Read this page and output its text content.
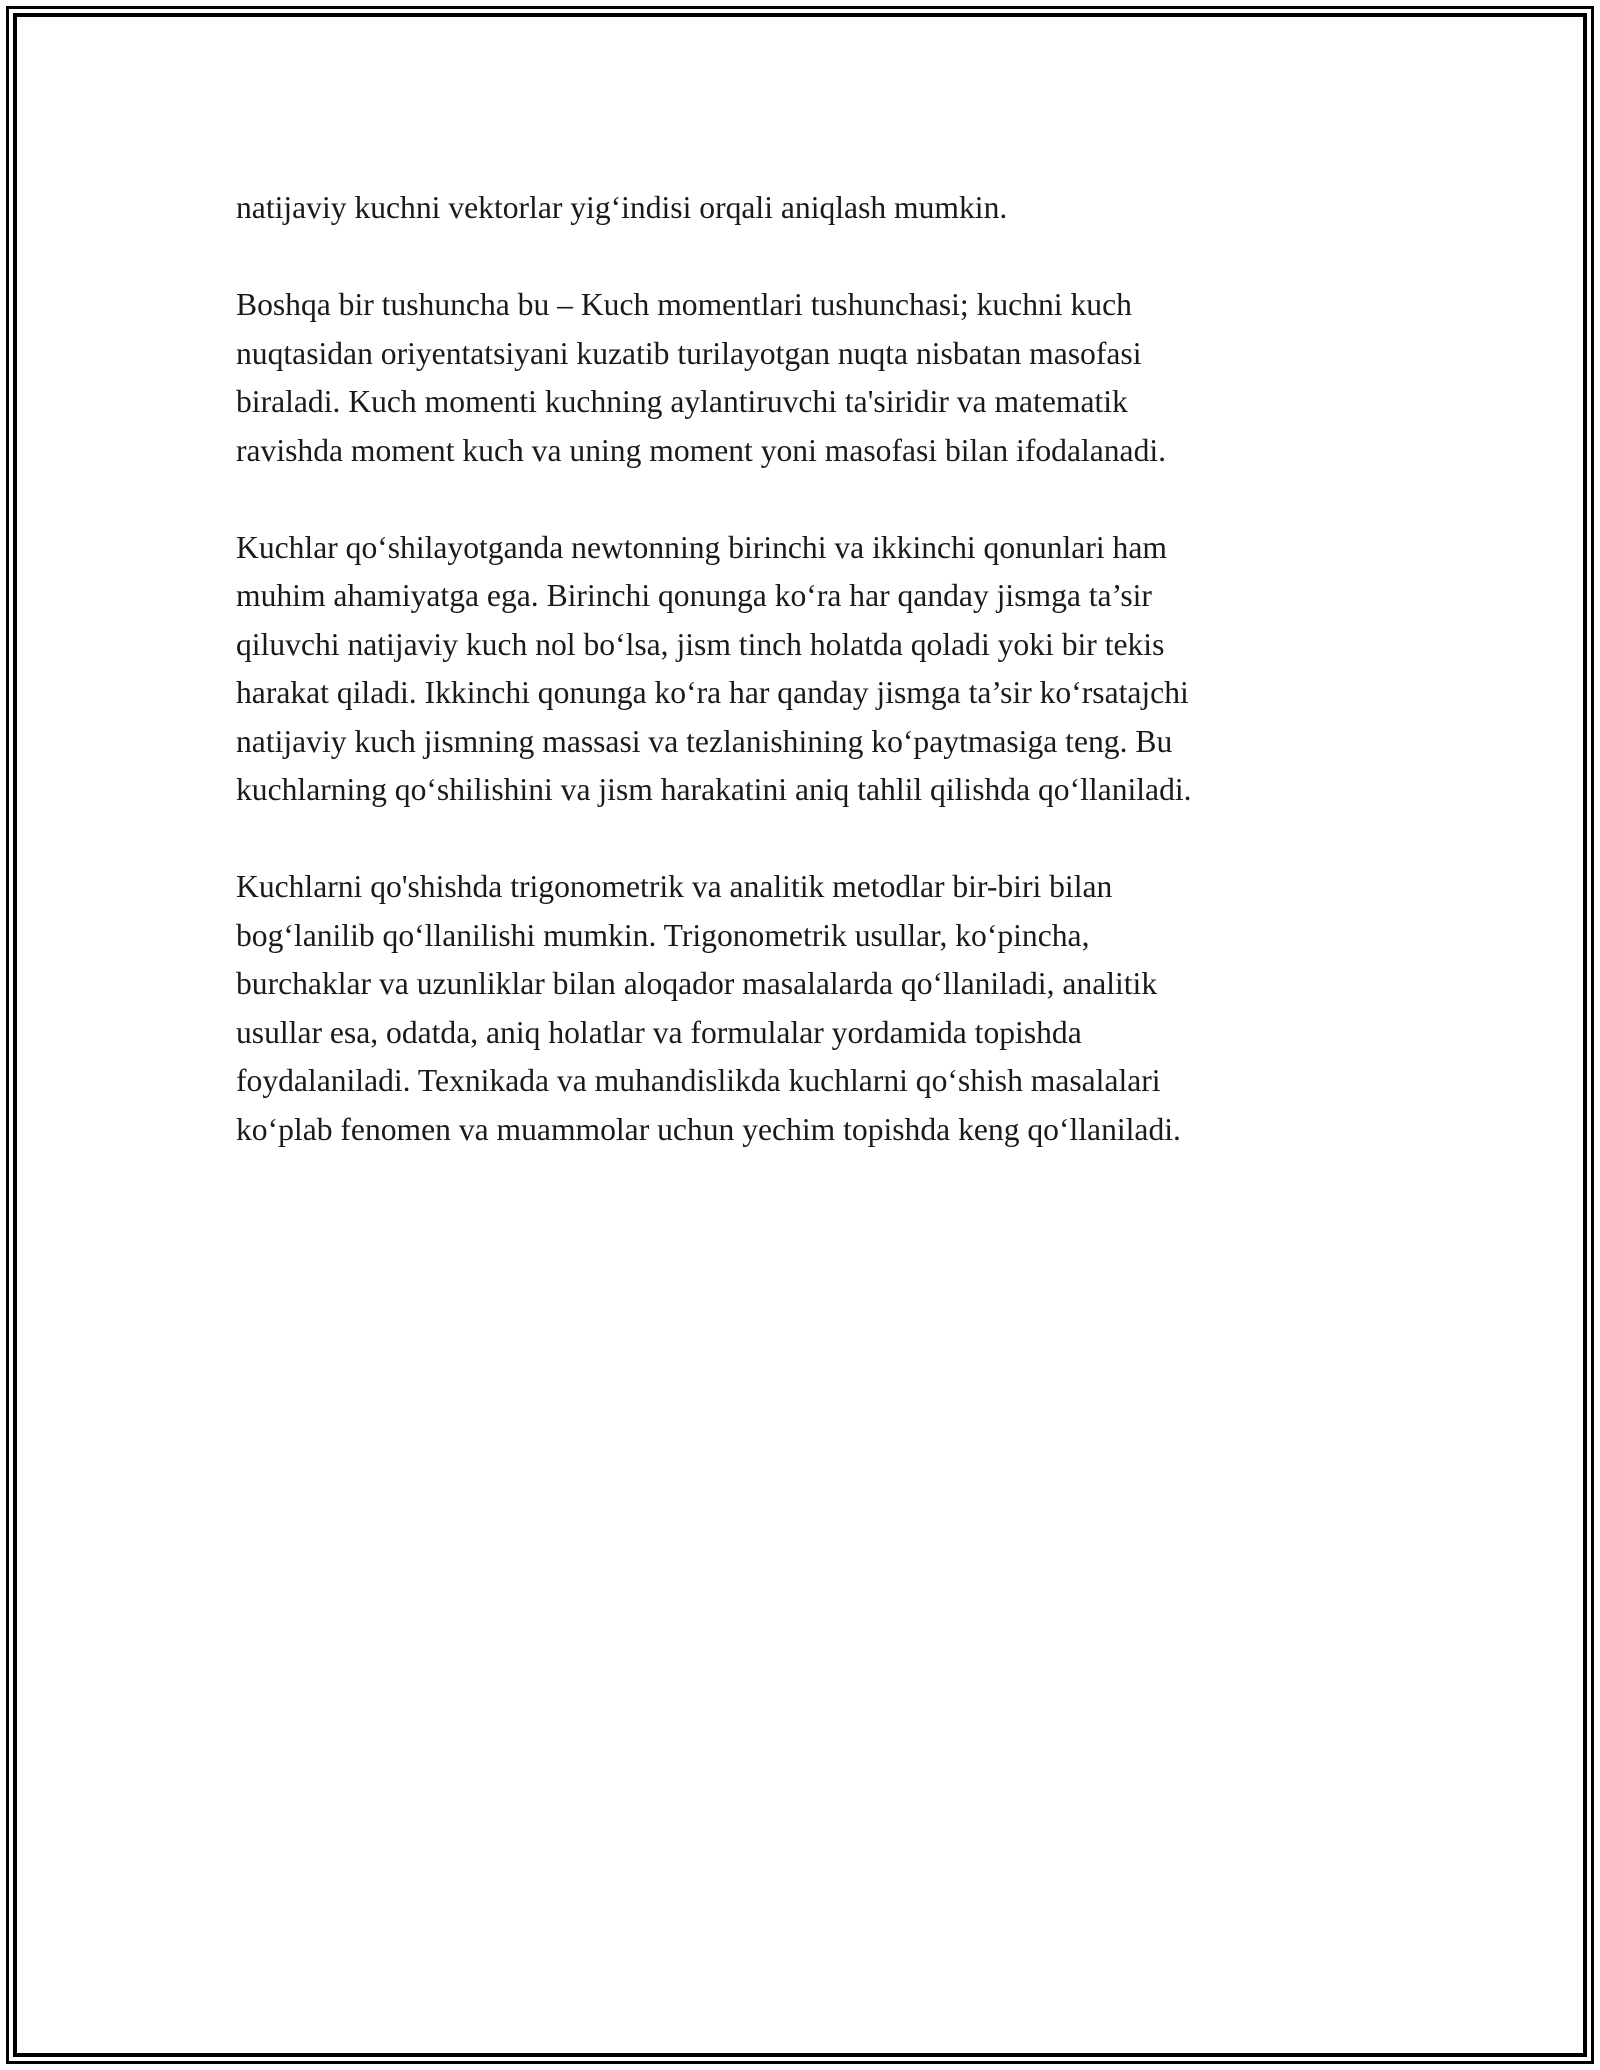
natijaviy kuchni vektorlar yig‘indisi orqali aniqlash mumkin.

Boshqa bir tushuncha bu – Kuch momentlari tushunchasi; kuchni kuch
nuqtasidan oriyentatsiyani kuzatib turilayotgan nuqta nisbatan masofasi
biraladi. Kuch momenti kuchning aylantiruvchi ta'siridir va matematik
ravishda moment kuch va uning moment yoni masofasi bilan ifodalanadi.

Kuchlar qo‘shilayotganda newtonning birinchi va ikkinchi qonunlari ham
muhim ahamiyatga ega. Birinchi qonunga ko‘ra har qanday jismga ta’sir
qiluvchi natijaviy kuch nol bo‘lsa, jism tinch holatda qoladi yoki bir tekis
harakat qiladi. Ikkinchi qonunga ko‘ra har qanday jismga ta’sir ko‘rsatajchi
natijaviy kuch jismning massasi va tezlanishining ko‘paytmasiga teng. Bu
kuchlarning qo‘shilishini va jism harakatini aniq tahlil qilishda qo‘llaniladi.

Kuchlarni qo'shishda trigonometrik va analitik metodlar bir-biri bilan
bog‘lanilib qo‘llanilishi mumkin. Trigonometrik usullar, ko‘pincha,
burchaklar va uzunliklar bilan aloqador masalalarda qo‘llaniladi, analitik
usullar esa, odatda, aniq holatlar va formulalar yordamida topishda
foydalaniladi. Texnikada va muhandislikda kuchlarni qo‘shish masalalari
ko‘plab fenomen va muammolar uchun yechim topishda keng qo‘llaniladi.
